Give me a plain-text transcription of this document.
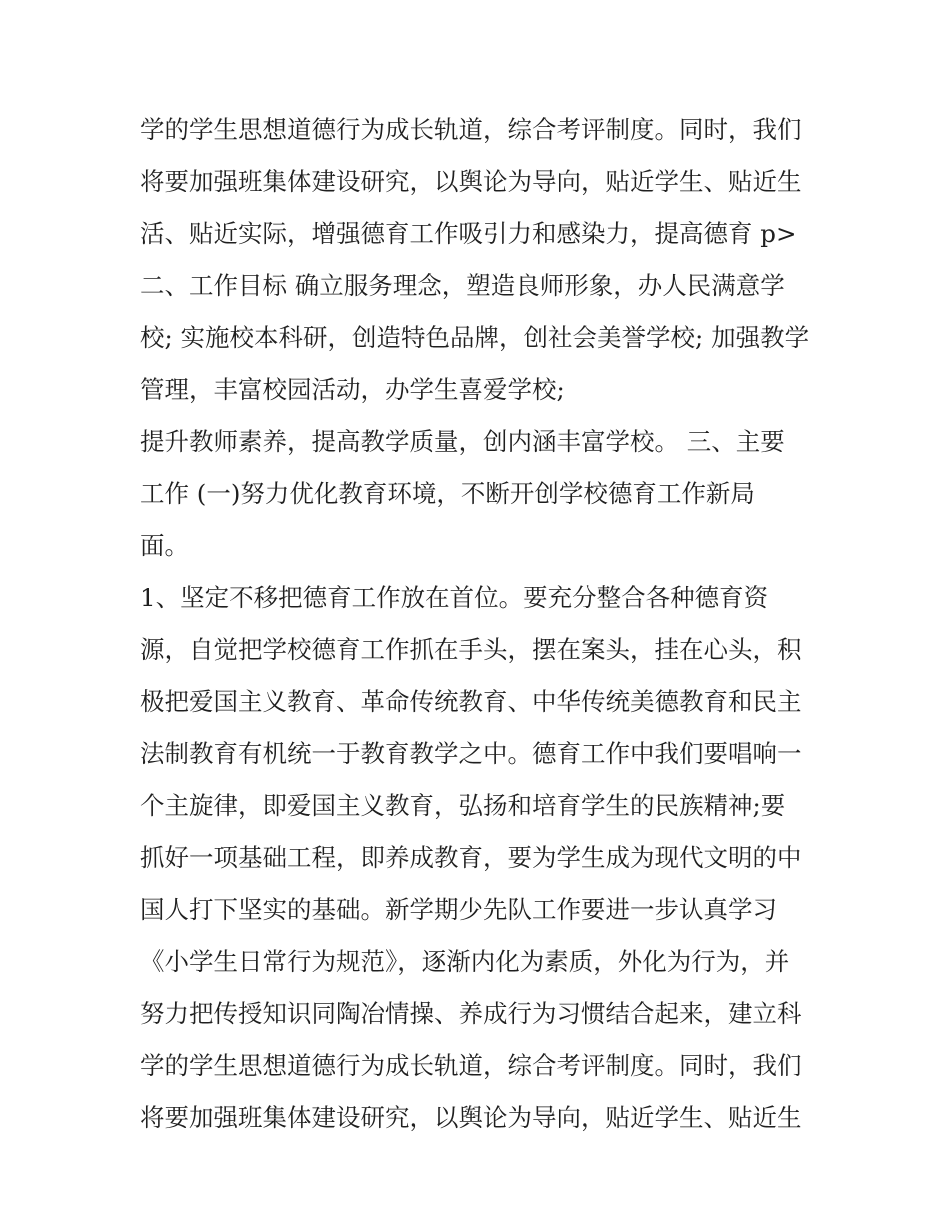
学的学生思想道德行为成长轨道，综合考评制度。同时，我们
将要加强班集体建设研究，以舆论为导向，贴近学生、贴近生
活、贴近实际，增强德育工作吸引力和感染力，提高德育 p>
二、工作目标 确立服务理念，塑造良师形象，办人民满意学
校; 实施校本科研，创造特色品牌，创社会美誉学校; 加强教学
管理，丰富校园活动，办学生喜爱学校;
提升教师素养，提高教学质量，创内涵丰富学校。 三、主要
工作 (一)努力优化教育环境，不断开创学校德育工作新局
面。
1、坚定不移把德育工作放在首位。要充分整合各种德育资
源，自觉把学校德育工作抓在手头，摆在案头，挂在心头，积
极把爱国主义教育、革命传统教育、中华传统美德教育和民主
法制教育有机统一于教育教学之中。德育工作中我们要唱响一
个主旋律，即爱国主义教育，弘扬和培育学生的民族精神;要
抓好一项基础工程，即养成教育，要为学生成为现代文明的中
国人打下坚实的基础。新学期少先队工作要进一步认真学习
《小学生日常行为规范》，逐渐内化为素质，外化为行为，并
努力把传授知识同陶冶情操、养成行为习惯结合起来，建立科
学的学生思想道德行为成长轨道，综合考评制度。同时，我们
将要加强班集体建设研究，以舆论为导向，贴近学生、贴近生
